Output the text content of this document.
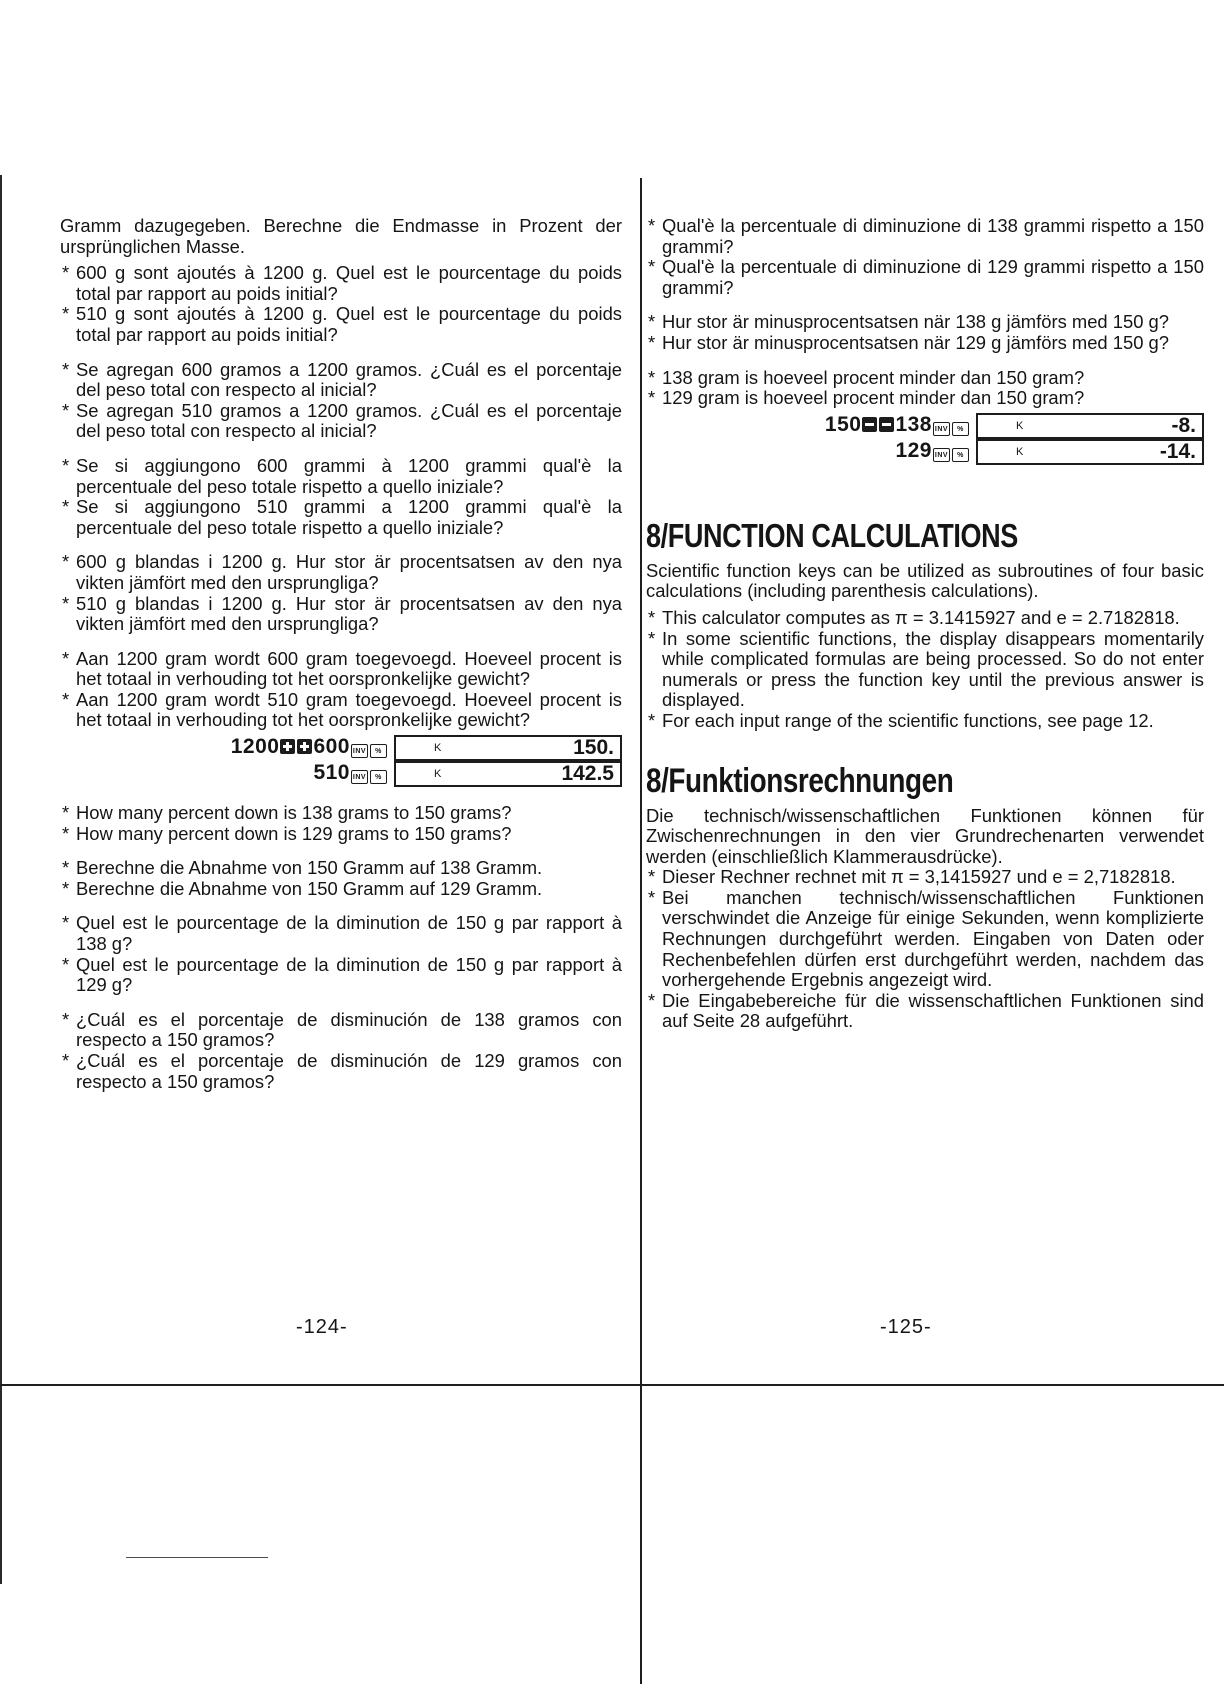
Gramm dazugegeben. Berechne die Endmasse in Prozent der ursprünglichen Masse.
* 600 g sont ajoutés à 1200 g. Quel est le pourcentage du poids total par rapport au poids initial?
* 510 g sont ajoutés à 1200 g. Quel est le pourcentage du poids total par rapport au poids initial?
* Se agregan 600 gramos a 1200 gramos. ¿Cuál es el porcentaje del peso total con respecto al inicial?
* Se agregan 510 gramos a 1200 gramos. ¿Cuál es el porcentaje del peso total con respecto al inicial?
* Se si aggiungono 600 grammi à 1200 grammi qual'è la percentuale del peso totale rispetto a quello iniziale?
* Se si aggiungono 510 grammi a 1200 grammi qual'è la percentuale del peso totale rispetto a quello iniziale?
* 600 g blandas i 1200 g. Hur stor är procentsatsen av den nya vikten jämfört med den ursprungliga?
* 510 g blandas i 1200 g. Hur stor är procentsatsen av den nya vikten jämfört med den ursprungliga?
* Aan 1200 gram wordt 600 gram toegevoegd. Hoeveel procent is het totaal in verhouding tot het oorspronkelijke gewicht?
* Aan 1200 gram wordt 510 gram toegevoegd. Hoeveel procent is het totaal in verhouding tot het oorspronkelijke gewicht?
1200 600 INV %	K	150.
510 INV %	K	142.5
* How many percent down is 138 grams to 150 grams?
* How many percent down is 129 grams to 150 grams?
* Berechne die Abnahme von 150 Gramm auf 138 Gramm.
* Berechne die Abnahme von 150 Gramm auf 129 Gramm.
* Quel est le pourcentage de la diminution de 150 g par rapport à 138 g?
* Quel est le pourcentage de la diminution de 150 g par rapport à 129 g?
* ¿Cuál es el porcentaje de disminución de 138 gramos con respecto a 150 gramos?
* ¿Cuál es el porcentaje de disminución de 129 gramos con respecto a 150 gramos?
-124-
* Qual'è la percentuale di diminuzione di 138 grammi rispetto a 150 grammi?
* Qual'è la percentuale di diminuzione di 129 grammi rispetto a 150 grammi?
* Hur stor är minusprocentsatsen när 138 g jämförs med 150 g?
* Hur stor är minusprocentsatsen när 129 g jämförs med 150 g?
* 138 gram is hoeveel procent minder dan 150 gram?
* 129 gram is hoeveel procent minder dan 150 gram?
150 138 INV %	K	-8.
129 INV %	K	-14.
8/FUNCTION CALCULATIONS
Scientific function keys can be utilized as subroutines of four basic calculations (including parenthesis calculations).
* This calculator computes as π = 3.1415927 and e = 2.7182818.
* In some scientific functions, the display disappears momentarily while complicated formulas are being processed. So do not enter numerals or press the function key until the previous answer is displayed.
* For each input range of the scientific functions, see page 12.
8/Funktionsrechnungen
Die technisch/wissenschaftlichen Funktionen können für Zwischenrechnungen in den vier Grundrechenarten verwendet werden (einschließlich Klammerausdrücke).
* Dieser Rechner rechnet mit π = 3,1415927 und e = 2,7182818.
* Bei manchen technisch/wissenschaftlichen Funktionen verschwindet die Anzeige für einige Sekunden, wenn komplizierte Rechnungen durchgeführt werden. Eingaben von Daten oder Rechenbefehlen dürfen erst durchgeführt werden, nachdem das vorhergehende Ergebnis angezeigt wird.
* Die Eingabebereiche für die wissenschaftlichen Funktionen sind auf Seite 28 aufgeführt.
-125-
